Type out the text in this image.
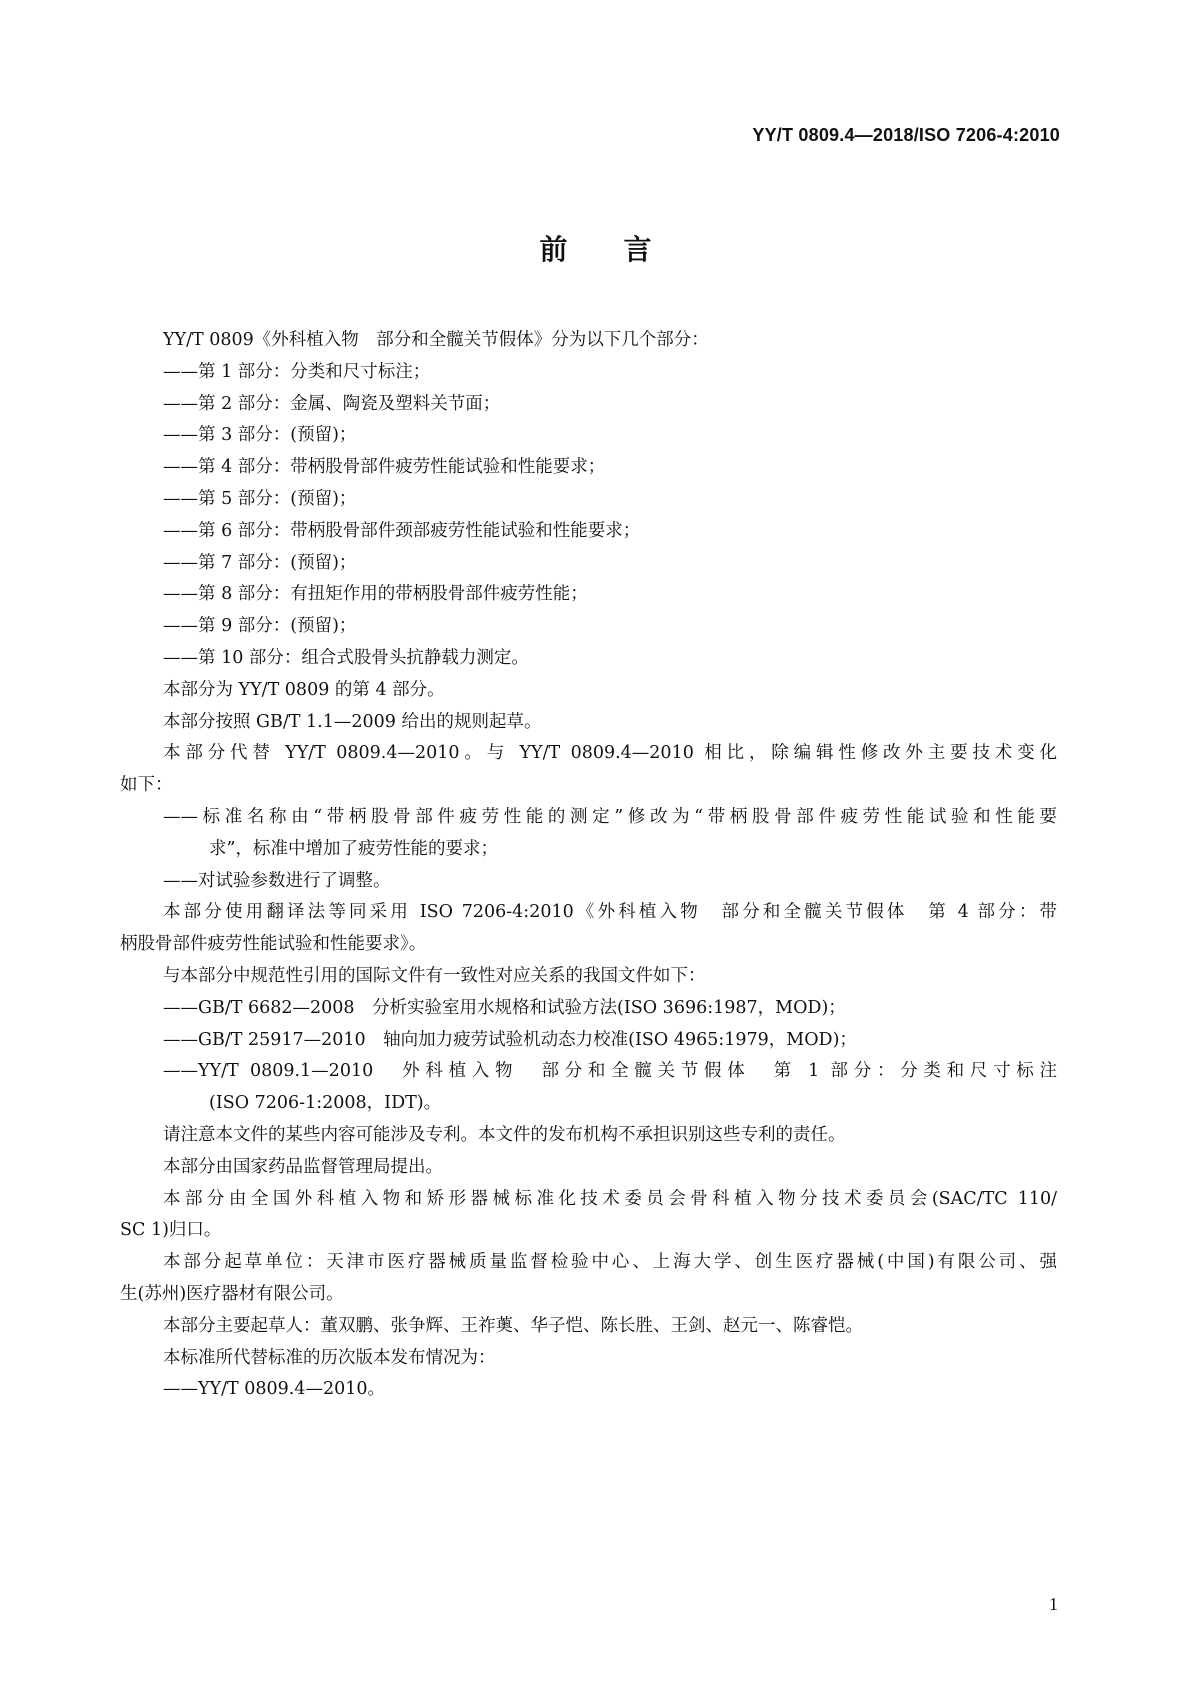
YY/T 0809.4—2018/ISO 7206-4:2010
前言

YY/T 0809《外科植入物　部分和全髋关节假体》分为以下几个部分：

——第 1 部分：分类和尺寸标注；

——第 2 部分：金属、陶瓷及塑料关节面；

——第 3 部分：(预留)；

——第 4 部分：带柄股骨部件疲劳性能试验和性能要求；

——第 5 部分：(预留)；

——第 6 部分：带柄股骨部件颈部疲劳性能试验和性能要求；

——第 7 部分：(预留)；

——第 8 部分：有扭矩作用的带柄股骨部件疲劳性能；

——第 9 部分：(预留)；

——第 10 部分：组合式股骨头抗静载力测定。

本部分为 YY/T 0809 的第 4 部分。

本部分按照 GB/T 1.1—2009 给出的规则起草。

本部分代替 YY/T 0809.4—2010。与 YY/T 0809.4—2010 相比，除编辑性修改外主要技术变化

如下：

——标准名称由“带柄股骨部件疲劳性能的测定”修改为“带柄股骨部件疲劳性能试验和性能要

求”，标准中增加了疲劳性能的要求；

——对试验参数进行了调整。

本部分使用翻译法等同采用 ISO 7206-4:2010《外科植入物　部分和全髋关节假体　第 4 部分：带

柄股骨部件疲劳性能试验和性能要求》。

与本部分中规范性引用的国际文件有一致性对应关系的我国文件如下：

——GB/T 6682—2008　分析实验室用水规格和试验方法(ISO 3696:1987，MOD)；

——GB/T 25917—2010　轴向加力疲劳试验机动态力校准(ISO 4965:1979，MOD)；

——YY/T 0809.1—2010　外科植入物　部分和全髋关节假体　第 1 部分：分类和尺寸标注

(ISO 7206-1:2008，IDT)。

请注意本文件的某些内容可能涉及专利。本文件的发布机构不承担识别这些专利的责任。

本部分由国家药品监督管理局提出。

本部分由全国外科植入物和矫形器械标准化技术委员会骨科植入物分技术委员会(SAC/TC 110/

SC 1)归口。

本部分起草单位：天津市医疗器械质量监督检验中心、上海大学、创生医疗器械(中国)有限公司、强

生(苏州)医疗器材有限公司。

本部分主要起草人：董双鹏、张争辉、王祚薁、华子恺、陈长胜、王剑、赵元一、陈睿恺。

本标准所代替标准的历次版本发布情况为：

——YY/T 0809.4—2010。

1
